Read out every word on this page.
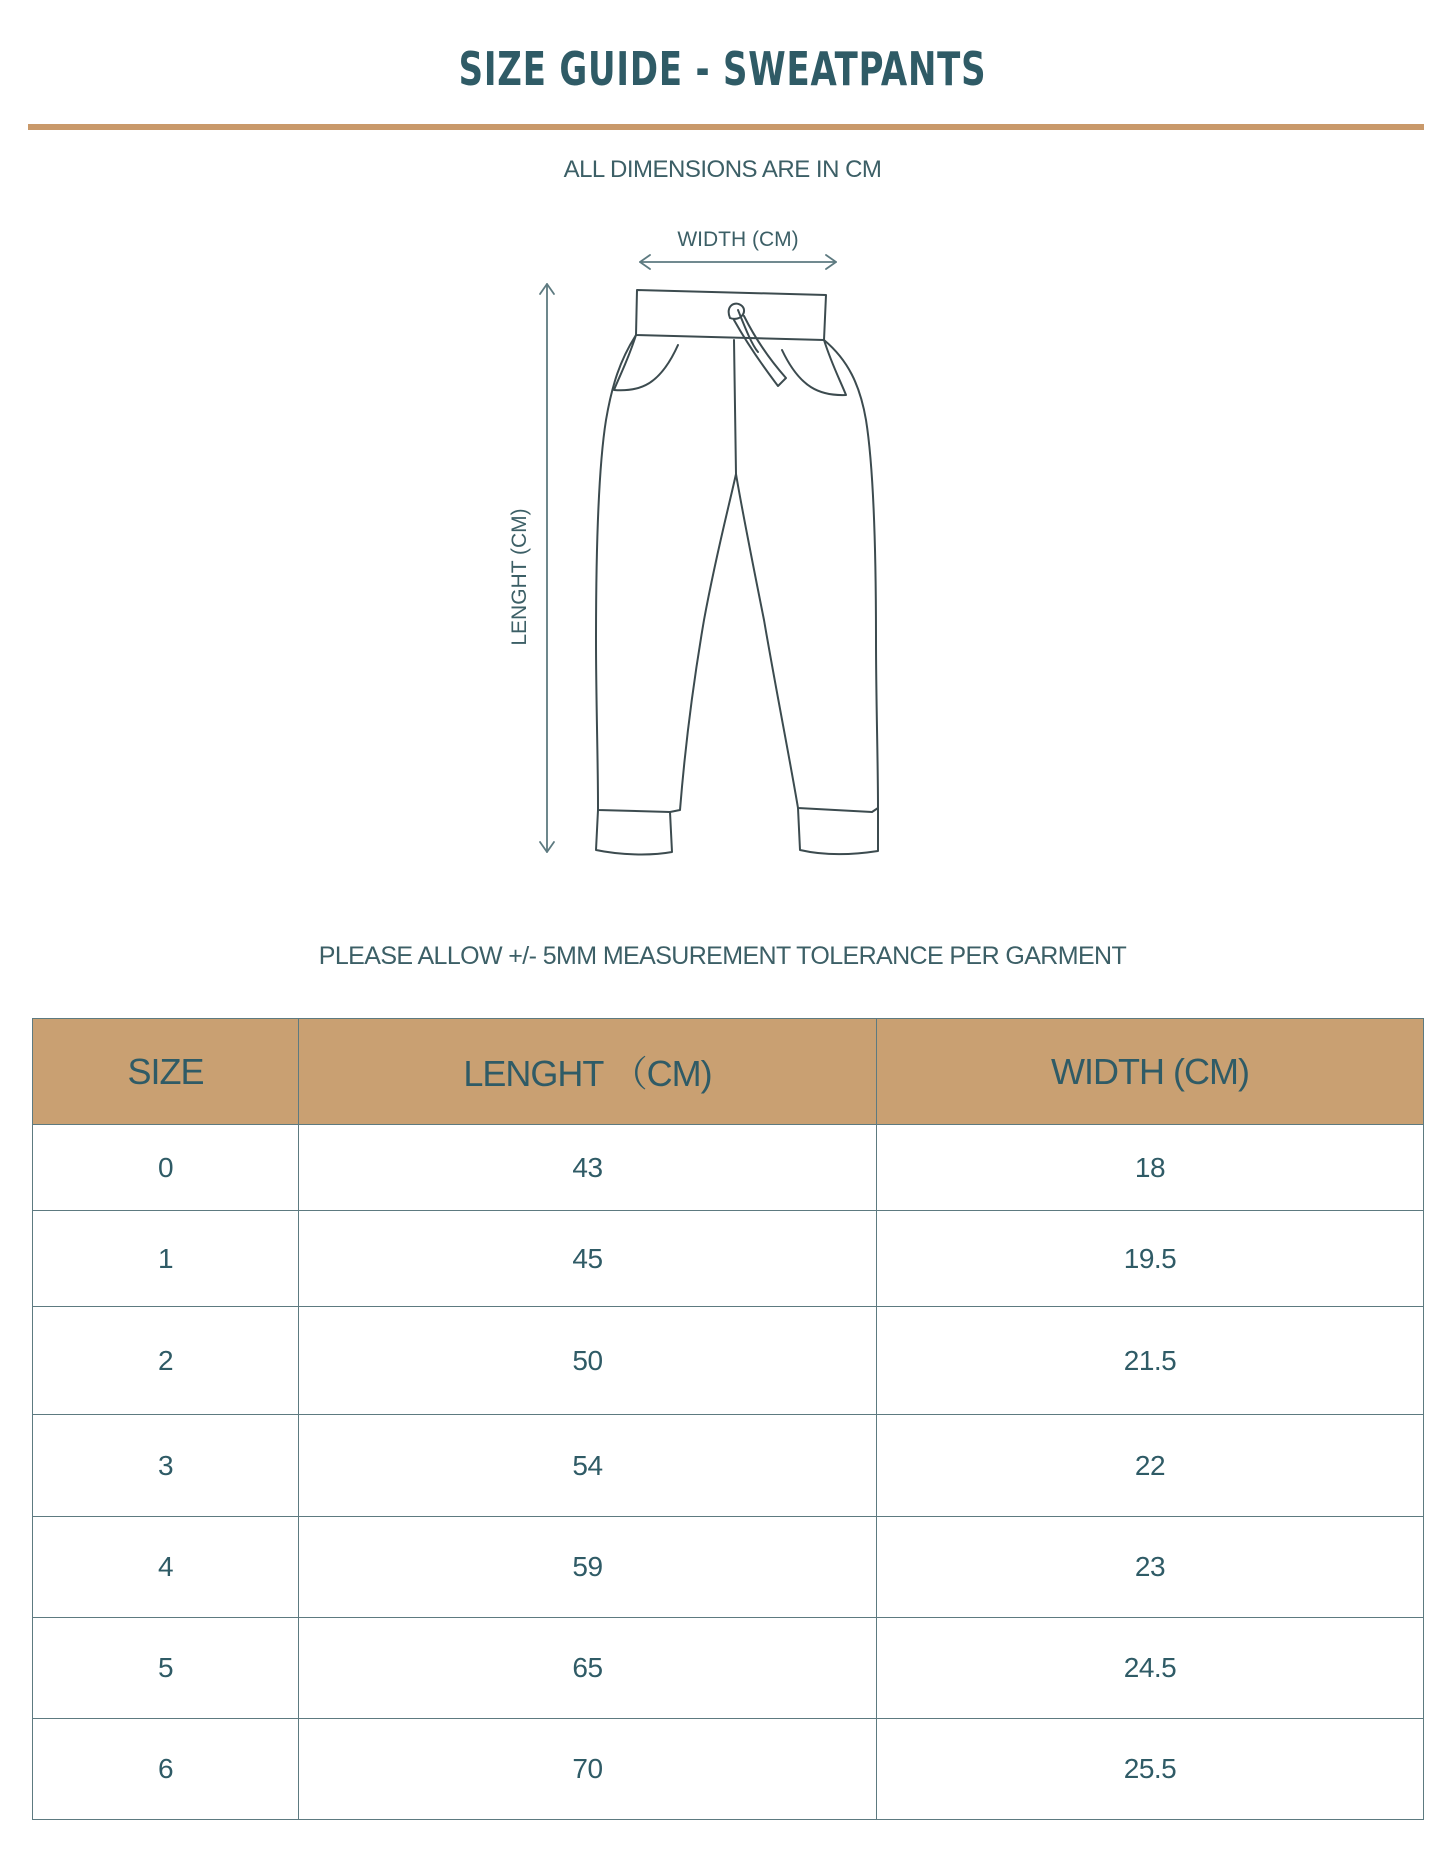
SIZE GUIDE - SWEATPANTS
ALL DIMENSIONS ARE IN CM
WIDTH (CM)
LENGHT (CM)
PLEASE ALLOW +/- 5MM MEASUREMENT TOLERANCE PER GARMENT
SIZE	LENGHT （CM)	WIDTH (CM)
0	43	18
1	45	19.5
2	50	21.5
3	54	22
4	59	23
5	65	24.5
6	70	25.5
